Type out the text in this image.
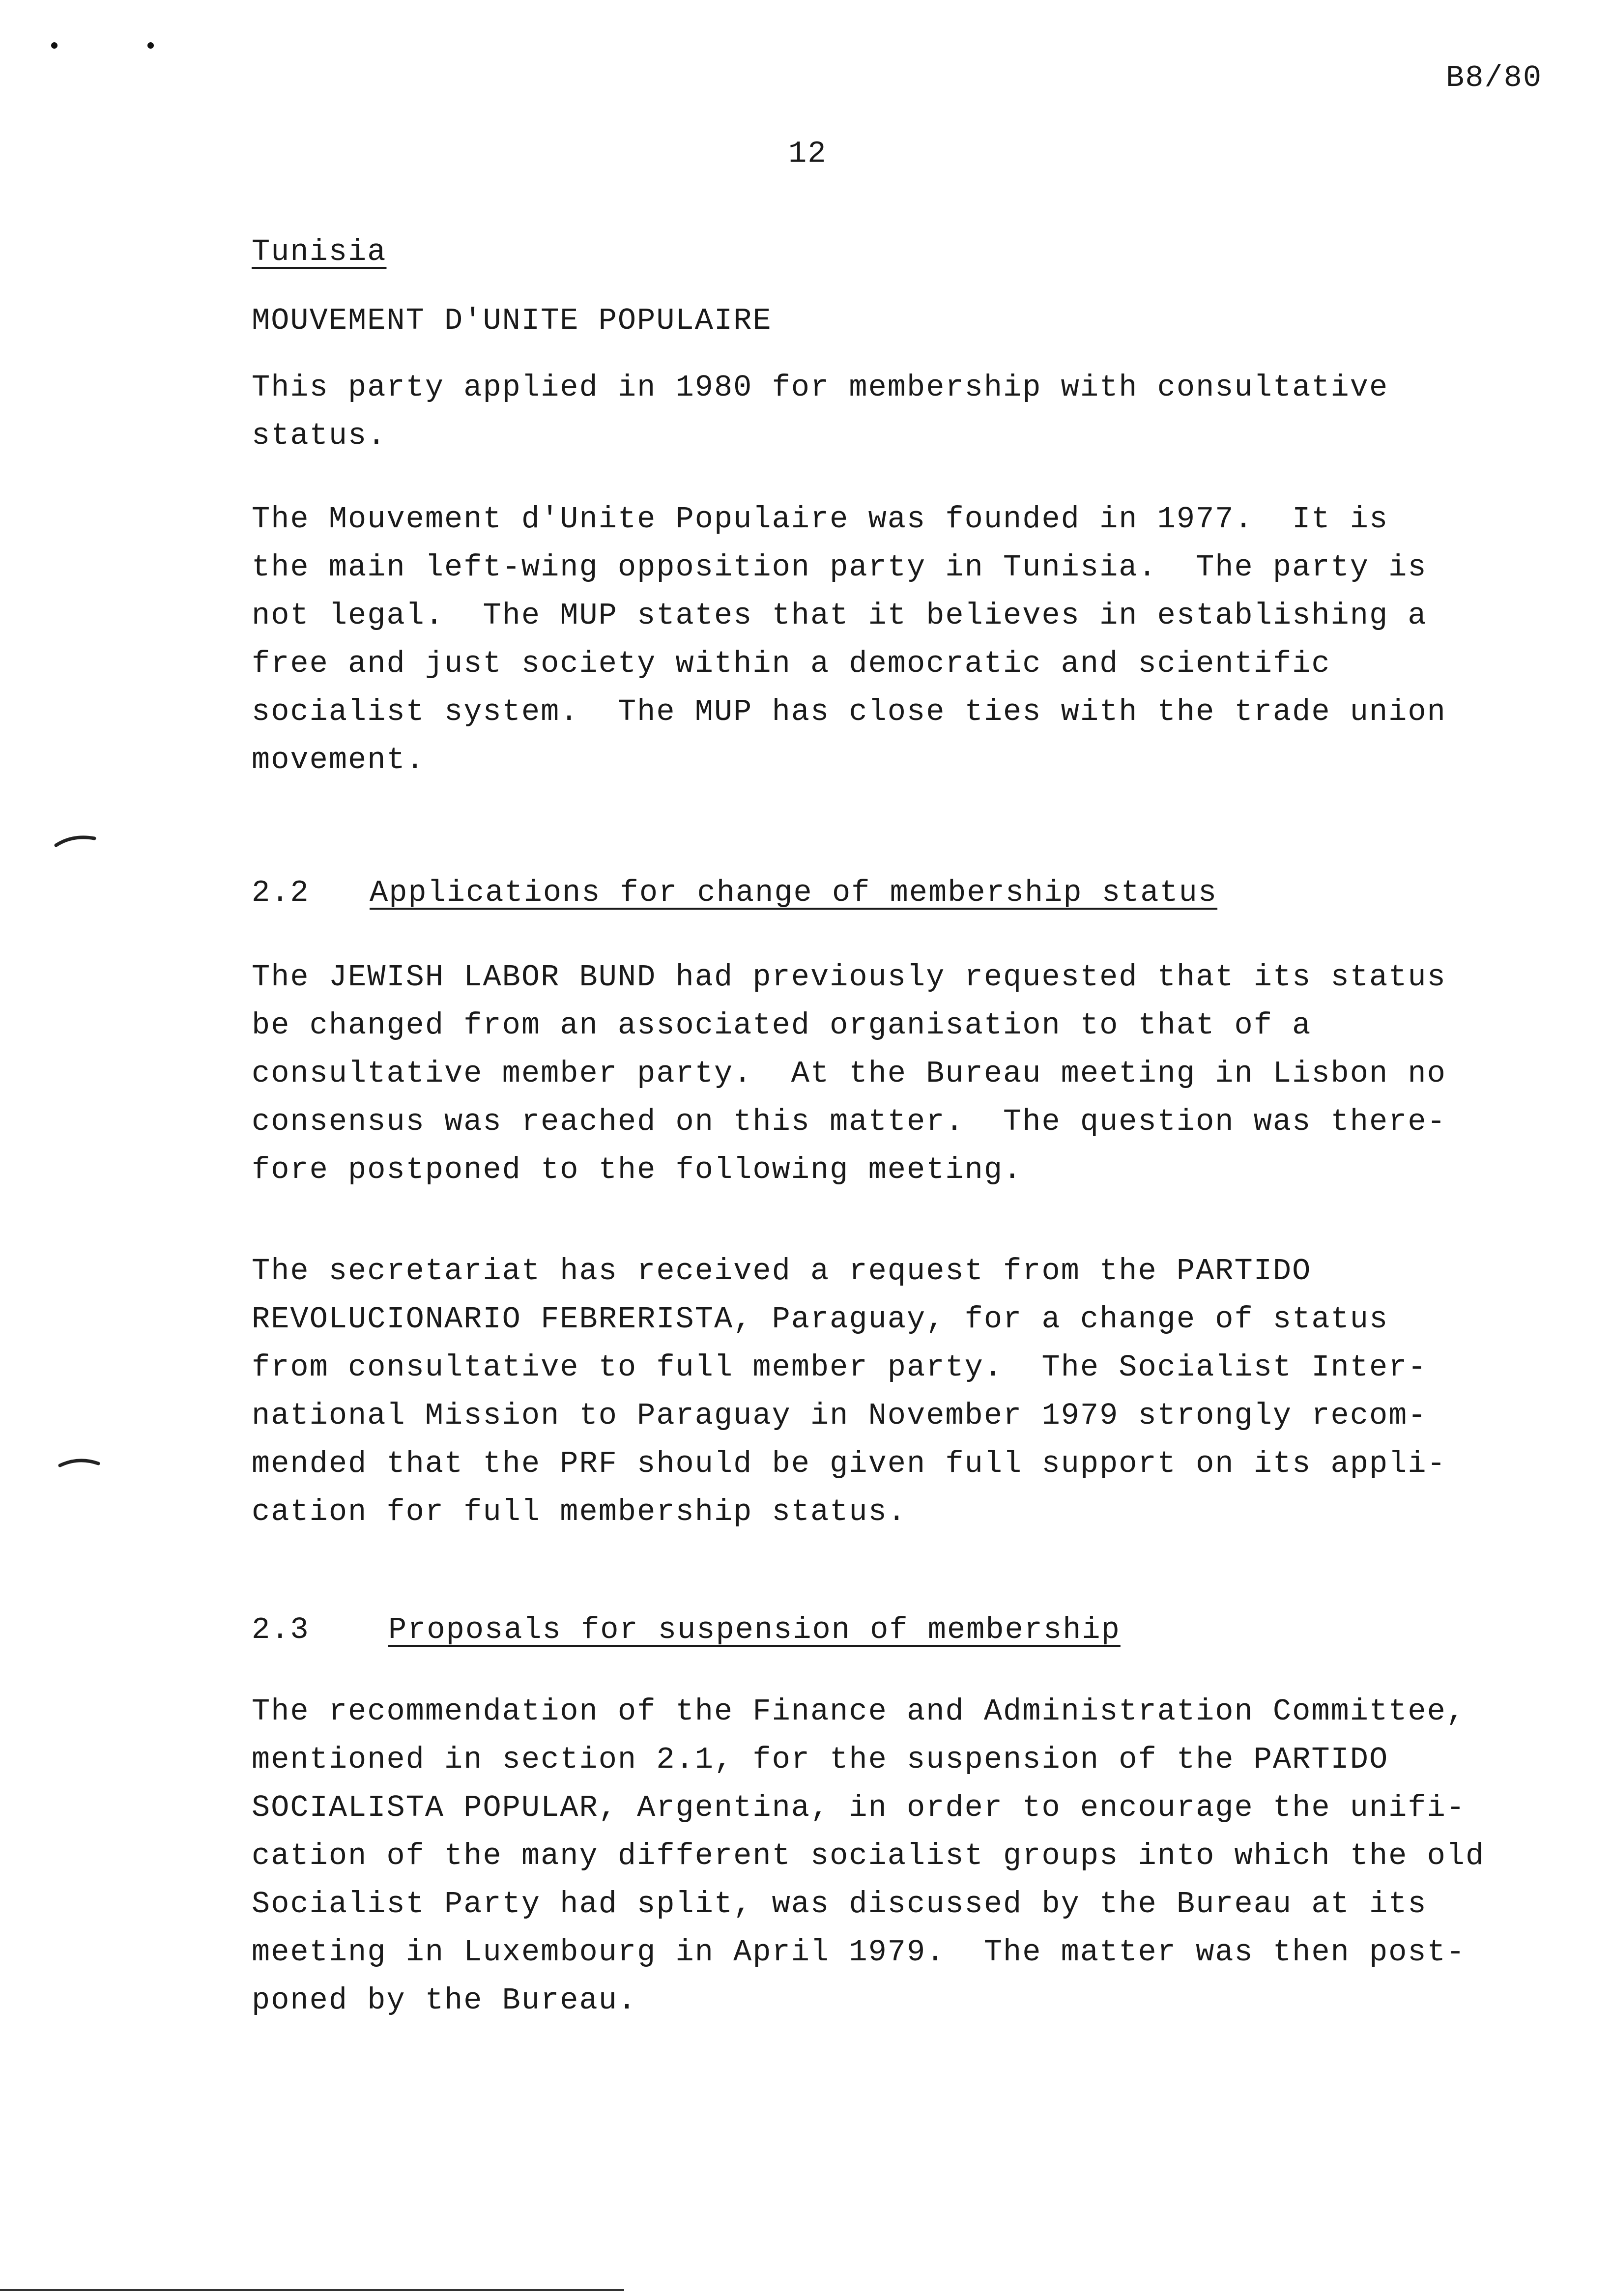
B8/80
12
Tunisia
MOUVEMENT D'UNITE POPULAIRE
This party applied in 1980 for membership with consultative
status.
The Mouvement d'Unite Populaire was founded in 1977.  It is
the main left-wing opposition party in Tunisia.  The party is
not legal.  The MUP states that it believes in establishing a
free and just society within a democratic and scientific
socialist system.  The MUP has close ties with the trade union
movement.
2.2 Applications for change of membership status
The JEWISH LABOR BUND had previously requested that its status
be changed from an associated organisation to that of a
consultative member party.  At the Bureau meeting in Lisbon no
consensus was reached on this matter.  The question was there-
fore postponed to the following meeting.
The secretariat has received a request from the PARTIDO
REVOLUCIONARIO FEBRERISTA, Paraguay, for a change of status
from consultative to full member party.  The Socialist Inter-
national Mission to Paraguay in November 1979 strongly recom-
mended that the PRF should be given full support on its appli-
cation for full membership status.
2.3	Proposals for suspension of membership
The recommendation of the Finance and Administration Committee,
mentioned in section 2.1, for the suspension of the PARTIDO
SOCIALISTA POPULAR, Argentina, in order to encourage the unifi-
cation of the many different socialist groups into which the old
Socialist Party had split, was discussed by the Bureau at its
meeting in Luxembourg in April 1979.  The matter was then post-
poned by the Bureau.
